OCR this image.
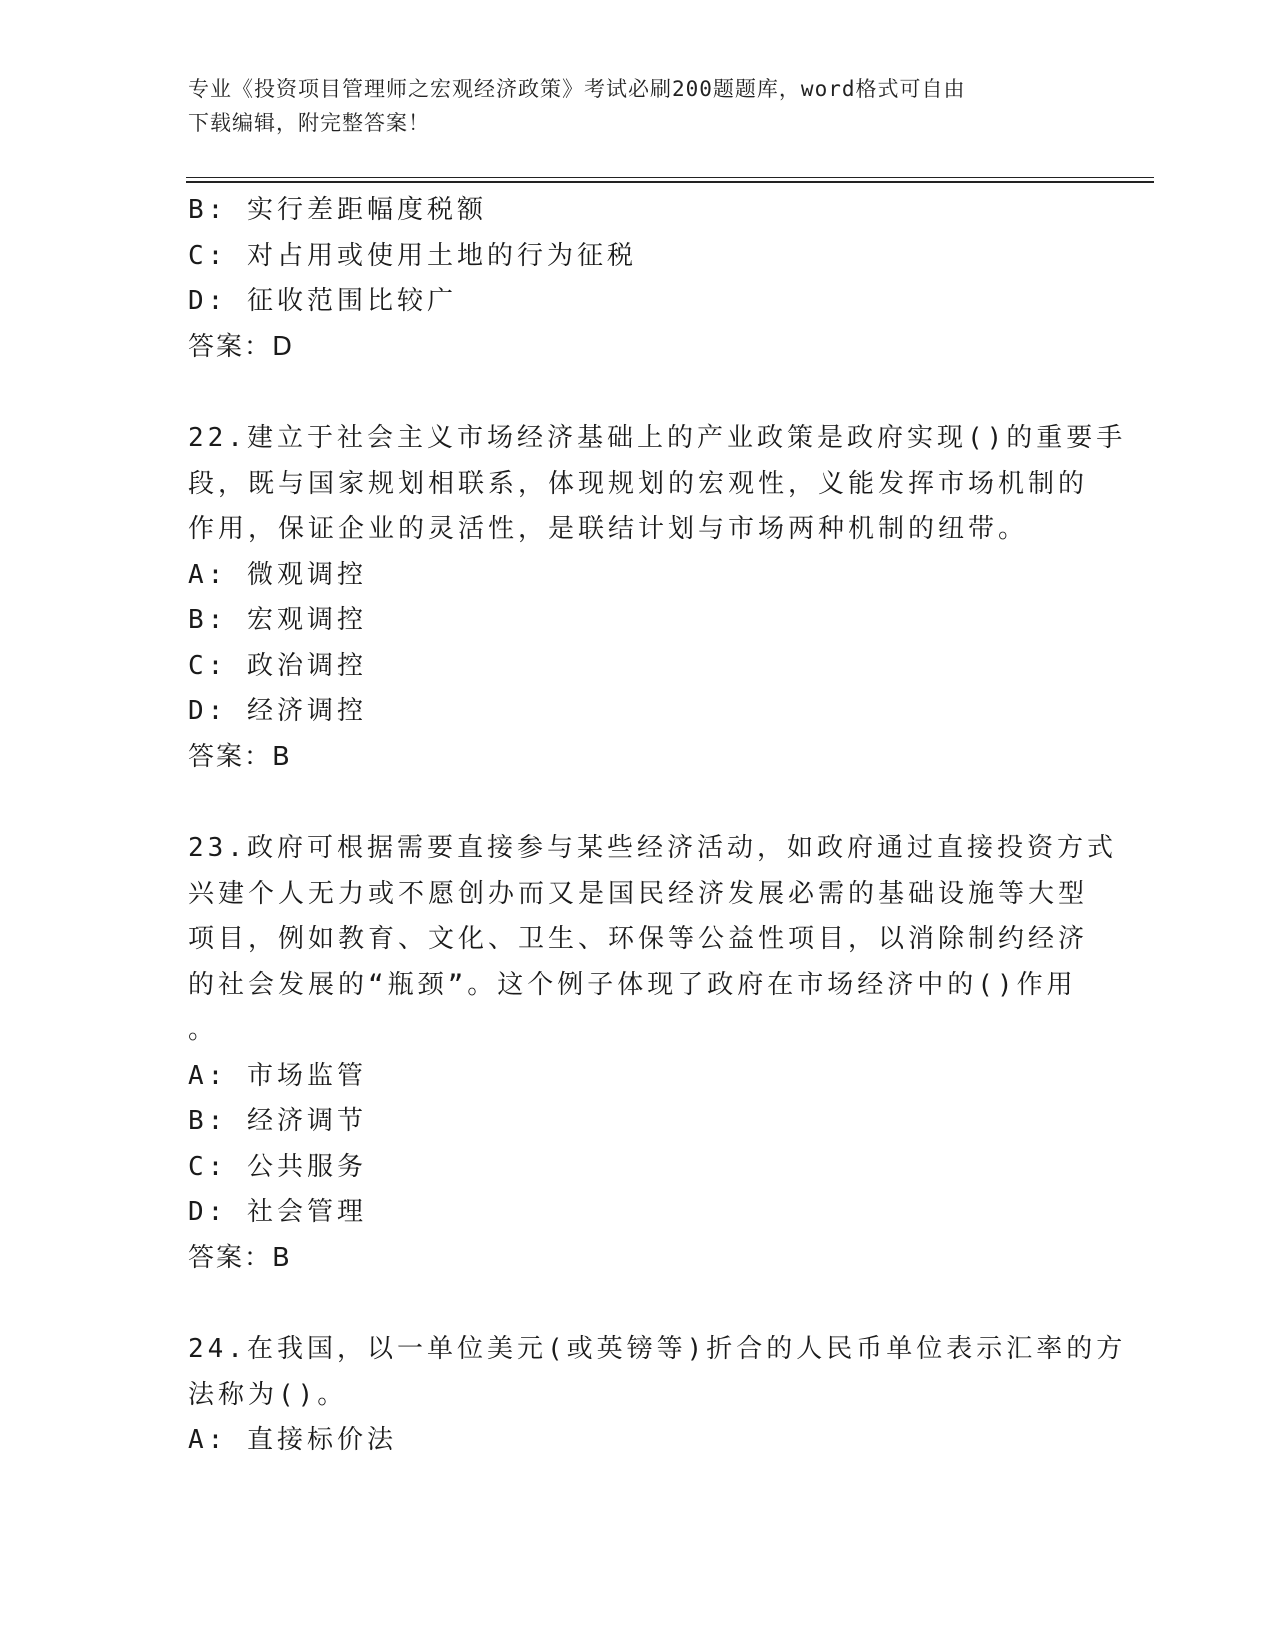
专业《投资项目管理师之宏观经济政策》考试必刷200题题库，word格式可自由
下载编辑，附完整答案！
B: 实行差距幅度税额
C: 对占用或使用土地的行为征税
D: 征收范围比较广
答案：D
22.建立于社会主义市场经济基础上的产业政策是政府实现()的重要手
段，既与国家规划相联系，体现规划的宏观性，义能发挥市场机制的
作用，保证企业的灵活性，是联结计划与市场两种机制的纽带。
A: 微观调控
B: 宏观调控
C: 政治调控
D: 经济调控
答案：B
23.政府可根据需要直接参与某些经济活动，如政府通过直接投资方式
兴建个人无力或不愿创办而又是国民经济发展必需的基础设施等大型
项目，例如教育、文化、卫生、环保等公益性项目，以消除制约经济
的社会发展的“瓶颈”。这个例子体现了政府在市场经济中的()作用
。
A: 市场监管
B: 经济调节
C: 公共服务
D: 社会管理
答案：B
24.在我国，以一单位美元(或英镑等)折合的人民币单位表示汇率的方
法称为()。
A: 直接标价法
